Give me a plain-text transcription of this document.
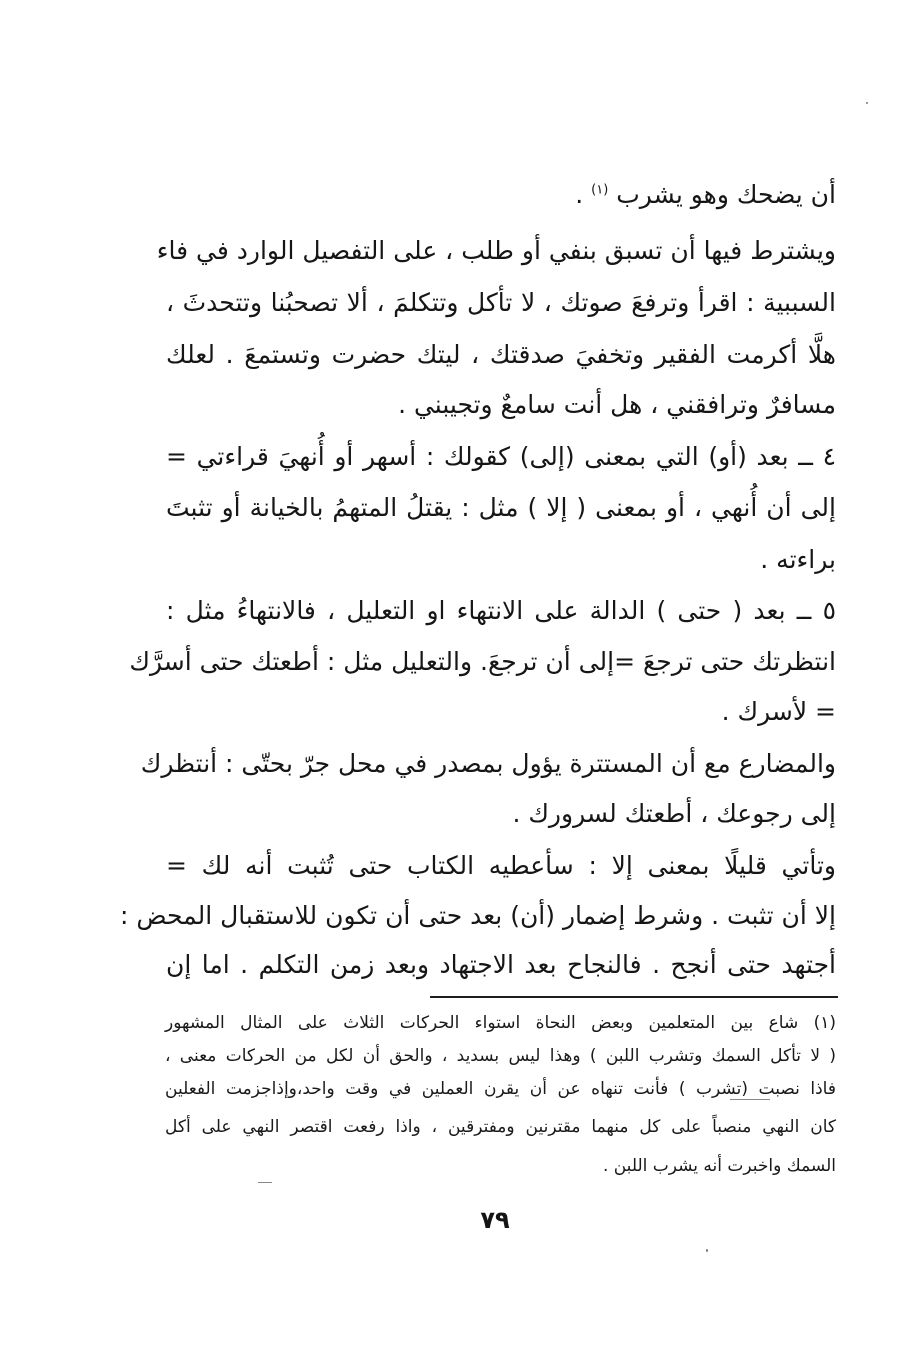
أن يضحك وهو يشرب $^{(١)}$ .
ويشترط فيها أن تسبق بنفي أو طلب ، على التفصيل الوارد في فاء
السببية : اقرأ وترفعَ صوتك ، لا تأكل وتتكلمَ ، ألا تصحبُنا وتتحدثَ ،
هلَّا أكرمت الفقير وتخفيَ صدقتك ، ليتك حضرت وتستمعَ . لعلك
مسافرٌ وترافقني ، هل أنت سامعٌ وتجيبني .
٤ ــ بعد (أو) التي بمعنى (إلى) كقولك : أسهر أو أُنهيَ قراءتي =
إلى أن أُنهي ، أو بمعنى ( إلا ) مثل : يقتلُ المتهمُ بالخيانة أو تثبتَ
براءته .
٥ ــ بعد ( حتى ) الدالة على الانتهاء او التعليل ، فالانتهاءُ مثل :
انتظرتك حتى ترجعَ =إلى أن ترجعَ. والتعليل مثل : أطعتك حتى أسرَّك
= لأسرك .
والمضارع مع أن المستترة يؤول بمصدر في محل جرّ بحتّى : أنتظرك
إلى رجوعك ، أطعتك لسرورك .
وتأتي قليلًا بمعنى إلا : سأعطيه الكتاب حتى تُثبت أنه لك =
إلا أن تثبت . وشرط إضمار (أن) بعد حتى أن تكون للاستقبال المحض :
أجتهد حتى أنجح . فالنجاح بعد الاجتهاد وبعد زمن التكلم . اما إن
(١) شاع بين المتعلمين وبعض النحاة استواء الحركات الثلاث على المثال المشهور
( لا تأكل السمك وتشرب اللبن ) وهذا ليس بسديد ، والحق أن لكل من الحركات معنى ،
فاذا نصبت (تشرب ) فأنت تنهاه عن أن يقرن العملين في وقت واحد،وإذاجزمت الفعلين
كان النهي منصباً على كل منهما مقترنين ومفترقين ، واذا رفعت اقتصر النهي على أكل
السمك واخبرت أنه يشرب اللبن .
٧٩
